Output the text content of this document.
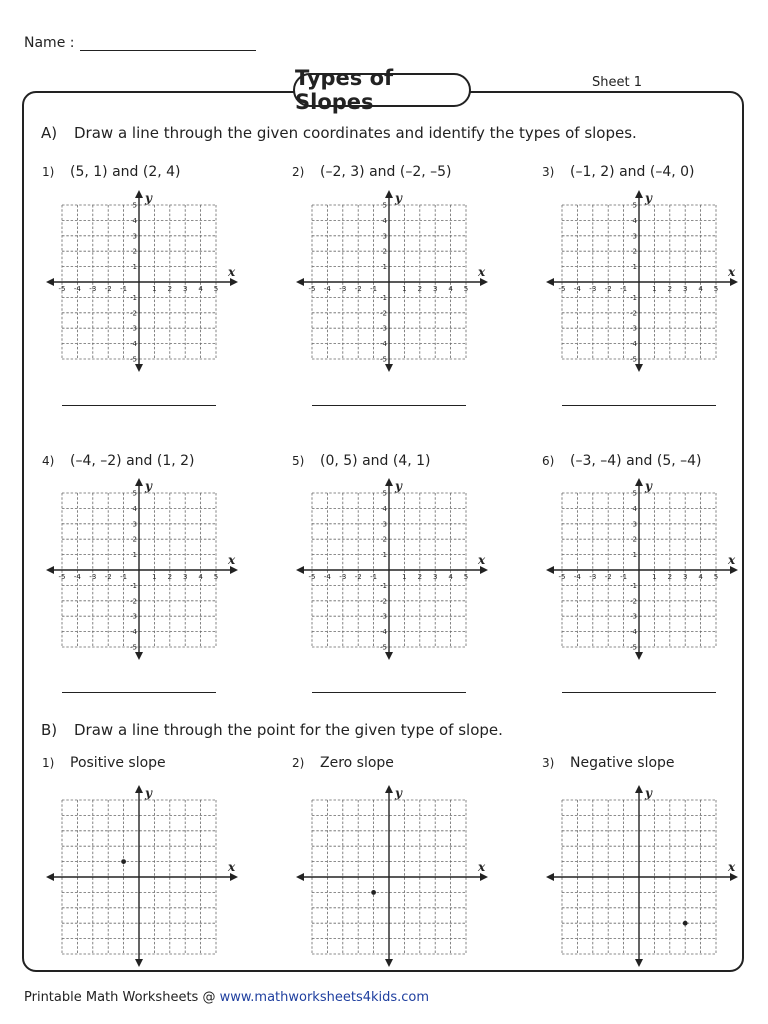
Name :
Types of Slopes
Sheet 1
A) Draw a line through the given coordinates and identify the types of slopes.
B) Draw a line through the point for the given type of slope.
1) (5, 1) and (2, 4)
x
y
-5 -4 -3 -2 -1	1 2 3 4 5
5
4
3
2
1
-1
-2
-3
-4
-5
2) (–2, 3) and (–2, –5)
x
y
-5 -4 -3 -2 -1	1 2 3 4 5
5
4
3
2
1
-1
-2
-3
-4
-5
3) (–1, 2) and (–4, 0)
x
y
-5 -4 -3 -2 -1	1 2 3 4 5
5
4
3
2
1
-1
-2
-3
-4
-5
4) (–4, –2) and (1, 2)
x
y
-5 -4 -3 -2 -1	1 2 3 4 5
5
4
3
2
1
-1
-2
-3
-4
-5
5) (0, 5) and (4, 1)
x
y
-5 -4 -3 -2 -1	1 2 3 4 5
5
4
3
2
1
-1
-2
-3
-4
-5
6) (–3, –4) and (5, –4)
x
y
-5 -4 -3 -2 -1	1 2 3 4 5
5
4
3
2
1
-1
-2
-3
-4
-5
1) Positive slope
x
y
2) Zero slope
x
y
3) Negative slope
x
y
Printable Math Worksheets @ www.mathworksheets4kids.com
